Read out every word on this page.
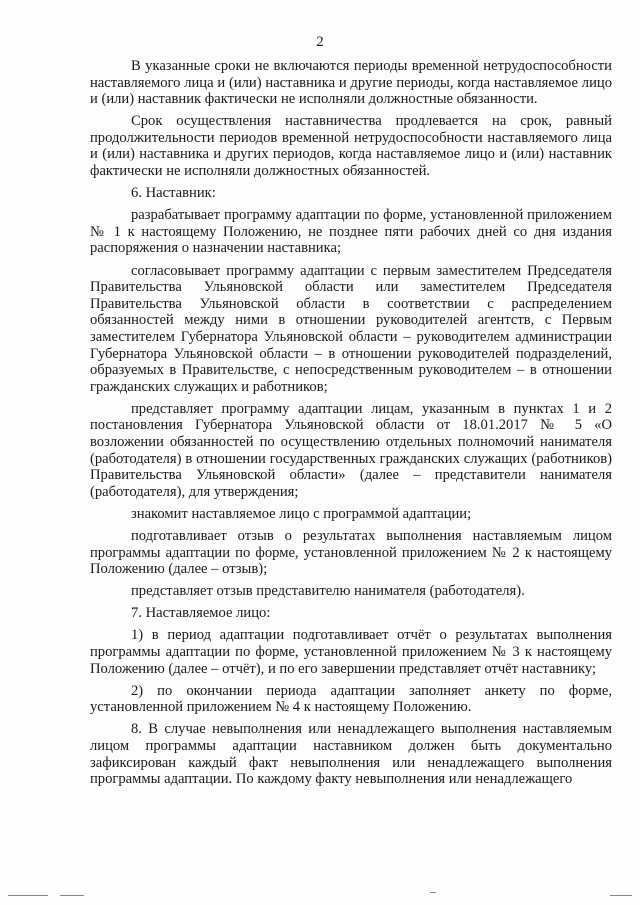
2

В указанные сроки не включаются периоды временной нетрудоспособности наставляемого лица и (или) наставника и другие периоды, когда наставляемое лицо и (или) наставник фактически не исполняли должностные обязанности.

Срок осуществления наставничества продлевается на срок, равный продолжительности периодов временной нетрудоспособности наставляемого лица и (или) наставника и других периодов, когда наставляемое лицо и (или) наставник фактически не исполняли должностных обязанностей.

6. Наставник:

разрабатывает программу адаптации по форме, установленной приложением № 1 к настоящему Положению, не позднее пяти рабочих дней со дня издания распоряжения о назначении наставника;

согласовывает программу адаптации с первым заместителем Председателя Правительства Ульяновской области или заместителем Председателя Правительства Ульяновской области в соответствии с распределением обязанностей между ними в отношении руководителей агентств, с Первым заместителем Губернатора Ульяновской области – руководителем администрации Губернатора Ульяновской области – в отношении руководителей подразделений, образуемых в Правительстве, с непосредственным руководителем – в отношении гражданских служащих и работников;

представляет программу адаптации лицам, указанным в пунктах 1 и 2 постановления Губернатора Ульяновской области от 18.01.2017 № 5 «О возложении обязанностей по осуществлению отдельных полномочий нанимателя (работодателя) в отношении государственных гражданских служащих (работников) Правительства Ульяновской области» (далее – представители нанимателя (работодателя), для утверждения;

знакомит наставляемое лицо с программой адаптации;

подготавливает отзыв о результатах выполнения наставляемым лицом программы адаптации по форме, установленной приложением № 2 к настоящему Положению (далее – отзыв);

представляет отзыв представителю нанимателя (работодателя).

7. Наставляемое лицо:

1) в период адаптации подготавливает отчёт о результатах выполнения программы адаптации по форме, установленной приложением № 3 к настоящему Положению (далее – отчёт), и по его завершении представляет отчёт наставнику;

2) по окончании периода адаптации заполняет анкету по форме, установленной приложением № 4 к настоящему Положению.

8. В случае невыполнения или ненадлежащего выполнения наставляемым лицом программы адаптации наставником должен быть документально зафиксирован каждый факт невыполнения или ненадлежащего выполнения программы адаптации. По каждому факту невыполнения или ненадлежащего
